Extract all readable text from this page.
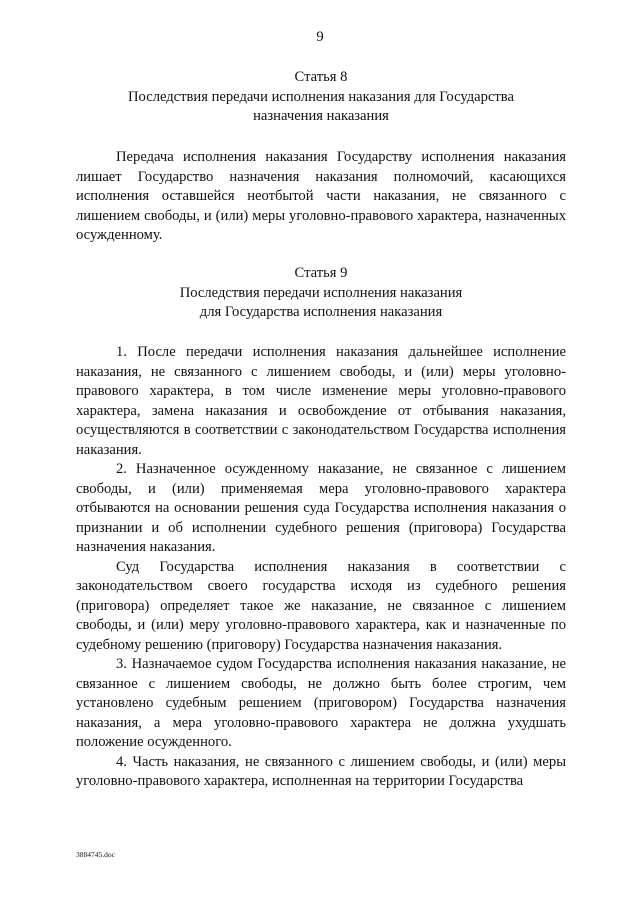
9
Статья 8
Последствия передачи исполнения наказания для Государства
назначения наказания

Передача исполнения наказания Государству исполнения наказания лишает Государство назначения наказания полномочий, касающихся исполнения оставшейся неотбытой части наказания, не связанного с лишением свободы, и (или) меры уголовно-правового характера, назначенных осужденному.

Статья 9
Последствия передачи исполнения наказания
для Государства исполнения наказания

1. После передачи исполнения наказания дальнейшее исполнение наказания, не связанного с лишением свободы, и (или) меры уголовно-правового характера, в том числе изменение меры уголовно-правового характера, замена наказания и освобождение от отбывания наказания, осуществляются в соответствии с законодательством Государства исполнения наказания.

2. Назначенное осужденному наказание, не связанное с лишением свободы, и (или) применяемая мера уголовно-правового характера отбываются на основании решения суда Государства исполнения наказания о признании и об исполнении судебного решения (приговора) Государства назначения наказания.

Суд Государства исполнения наказания в соответствии с законодательством своего государства исходя из судебного решения (приговора) определяет такое же наказание, не связанное с лишением свободы, и (или) меру уголовно-правового характера, как и назначенные по судебному решению (приговору) Государства назначения наказания.

3. Назначаемое судом Государства исполнения наказания наказание, не связанное с лишением свободы, не должно быть более строгим, чем установлено судебным решением (приговором) Государства назначения наказания, а мера уголовно-правового характера не должна ухудшать положение осужденного.

4. Часть наказания, не связанного с лишением свободы, и (или) меры уголовно-правового характера, исполненная на территории Государства

3884745.doc
